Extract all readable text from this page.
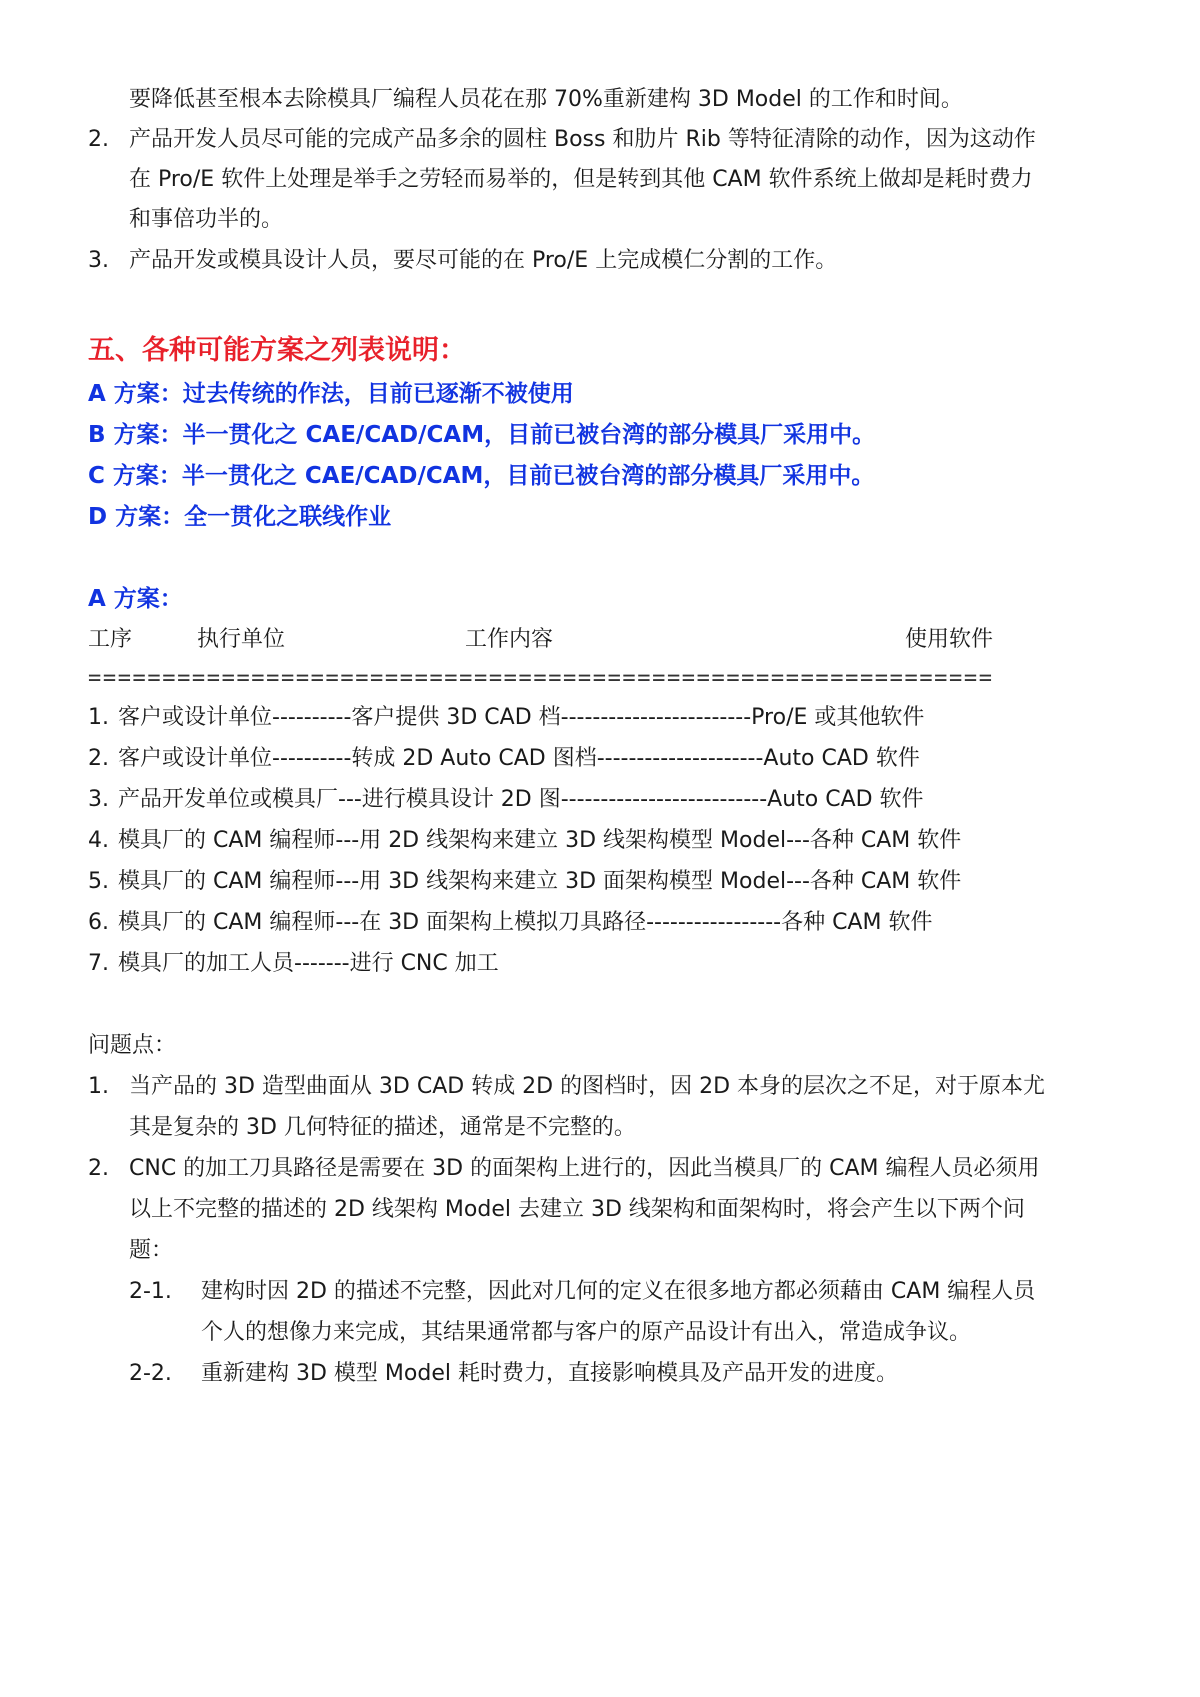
要降低甚至根本去除模具厂编程人员花在那 70%重新建构 3D Model 的工作和时间。
2. 产品开发人员尽可能的完成产品多余的圆柱 Boss 和肋片 Rib 等特征清除的动作，因为这动作
在 Pro/E 软件上处理是举手之劳轻而易举的，但是转到其他 CAM 软件系统上做却是耗时费力
和事倍功半的。
3. 产品开发或模具设计人员，要尽可能的在 Pro/E 上完成模仁分割的工作。
五、各种可能方案之列表说明：
A 方案：过去传统的作法，目前已逐渐不被使用
B 方案：半一贯化之 CAE/CAD/CAM，目前已被台湾的部分模具厂采用中。
C 方案：半一贯化之 CAE/CAD/CAM，目前已被台湾的部分模具厂采用中。
D 方案：全一贯化之联线作业
A 方案：
工序	执行单位	工作内容	使用软件
=============================================================
1. 客户或设计单位----------客户提供 3D CAD 档------------------------Pro/E 或其他软件
2. 客户或设计单位----------转成 2D Auto CAD 图档---------------------Auto CAD 软件
3. 产品开发单位或模具厂---进行模具设计 2D 图--------------------------Auto CAD 软件
4. 模具厂的 CAM 编程师---用 2D 线架构来建立 3D 线架构模型 Model---各种 CAM 软件
5. 模具厂的 CAM 编程师---用 3D 线架构来建立 3D 面架构模型 Model---各种 CAM 软件
6. 模具厂的 CAM 编程师---在 3D 面架构上模拟刀具路径-----------------各种 CAM 软件
7. 模具厂的加工人员-------进行 CNC 加工
问题点：
1. 当产品的 3D 造型曲面从 3D CAD 转成 2D 的图档时，因 2D 本身的层次之不足，对于原本尤
其是复杂的 3D 几何特征的描述，通常是不完整的。
2. CNC 的加工刀具路径是需要在 3D 的面架构上进行的，因此当模具厂的 CAM 编程人员必须用
以上不完整的描述的 2D 线架构 Model 去建立 3D 线架构和面架构时，将会产生以下两个问
题：
2-1. 建构时因 2D 的描述不完整，因此对几何的定义在很多地方都必须藉由 CAM 编程人员
个人的想像力来完成，其结果通常都与客户的原产品设计有出入，常造成争议。
2-2. 重新建构 3D 模型 Model 耗时费力，直接影响模具及产品开发的进度。
